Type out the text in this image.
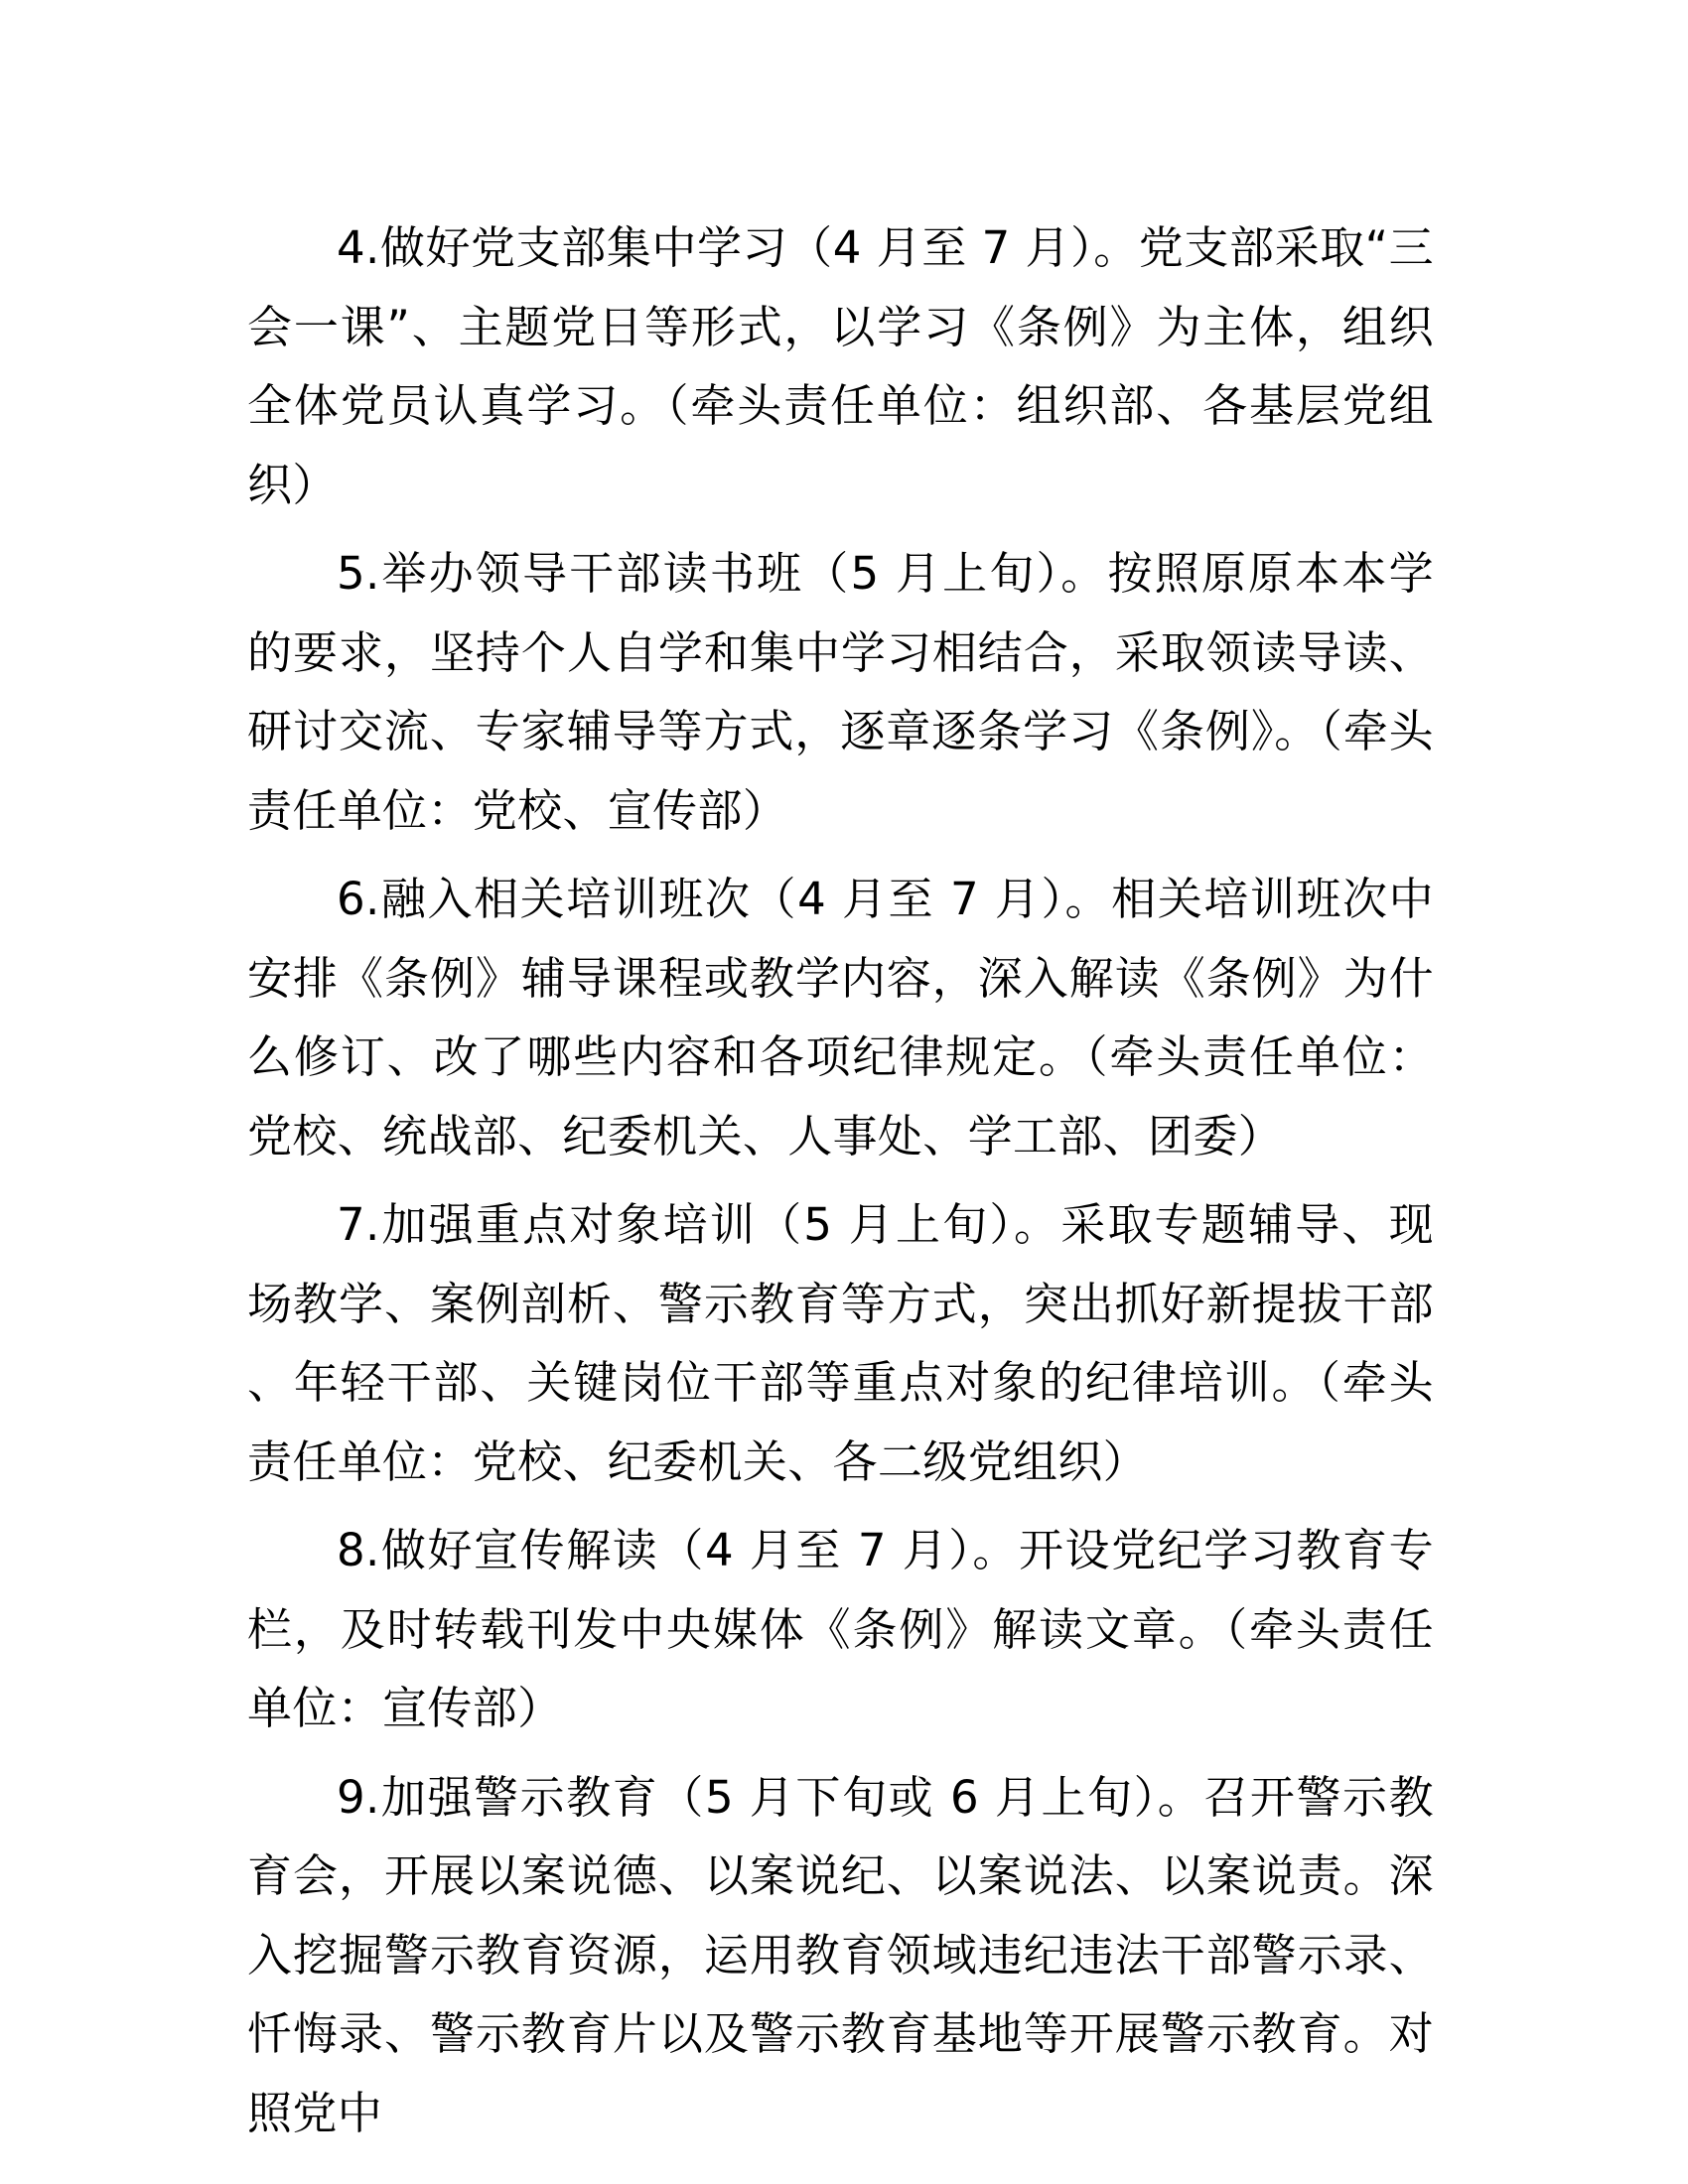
4.做好党支部集中学习（4 月至 7 月）。党支部采取“三会一课”、主题党日等形式，以学习《条例》为主体，组织全体党员认真学习。（牵头责任单位：组织部、各基层党组织）

5.举办领导干部读书班（5 月上旬）。按照原原本本学的要求，坚持个人自学和集中学习相结合，采取领读导读、研讨交流、专家辅导等方式，逐章逐条学习《条例》。（牵头责任单位：党校、宣传部）

6.融入相关培训班次（4 月至 7 月）。相关培训班次中安排《条例》辅导课程或教学内容，深入解读《条例》为什么修订、改了哪些内容和各项纪律规定。（牵头责任单位：党校、统战部、纪委机关、人事处、学工部、团委）

7.加强重点对象培训（5 月上旬）。采取专题辅导、现场教学、案例剖析、警示教育等方式，突出抓好新提拔干部、年轻干部、关键岗位干部等重点对象的纪律培训。（牵头责任单位：党校、纪委机关、各二级党组织）

8.做好宣传解读（4 月至 7 月）。开设党纪学习教育专栏，及时转载刊发中央媒体《条例》解读文章。（牵头责任单位：宣传部）

9.加强警示教育（5 月下旬或 6 月上旬）。召开警示教育会，开展以案说德、以案说纪、以案说法、以案说责。深入挖掘警示教育资源，运用教育领域违纪违法干部警示录、忏悔录、警示教育片以及警示教育基地等开展警示教育。对照党中
